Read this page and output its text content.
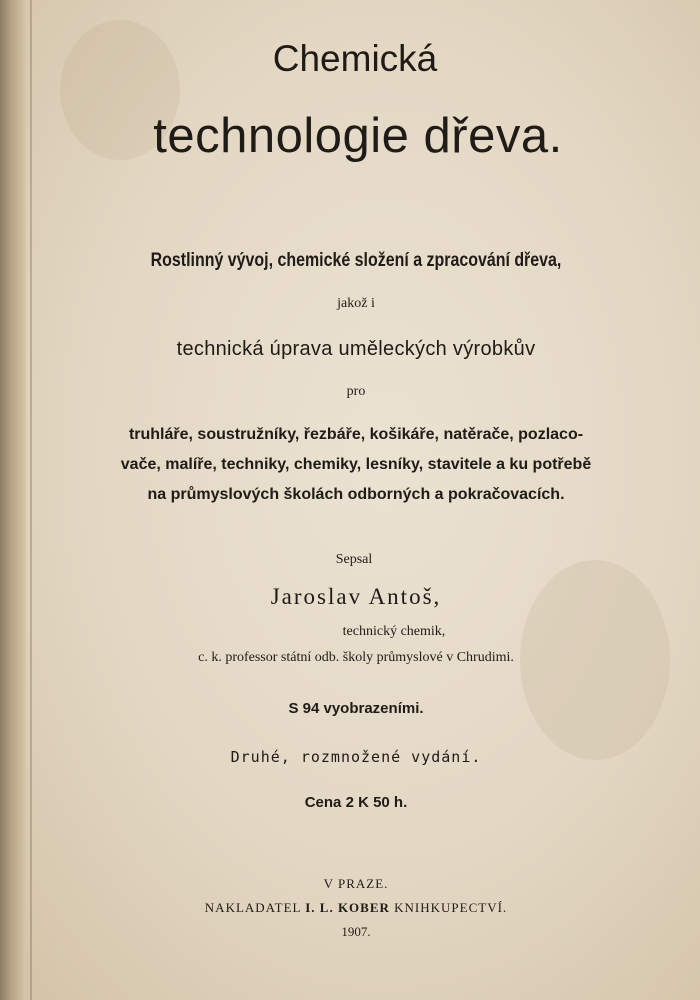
Chemická

technologie dřeva.

Rostlinný vývoj, chemické složení a zpracování dřeva,

jakož i

technická úprava uměleckých výrobkův

pro

truhláře, soustružníky, řezbáře, košikáře, natěrače, pozlaco-

vače, malíře, techniky, chemiky, lesníky, stavitele a ku potřebě

na průmyslových školách odborných a pokračovacích.

Sepsal

Jaroslav Antoš,

technický chemik,

c. k. professor státní odb. školy průmyslové v Chrudimi.

S 94 vyobrazeními.

Druhé, rozmnožené vydání.

Cena 2 K 50 h.

V PRAZE.

NAKLADATEL I. L. KOBER KNIHKUPECTVÍ.

1907.
